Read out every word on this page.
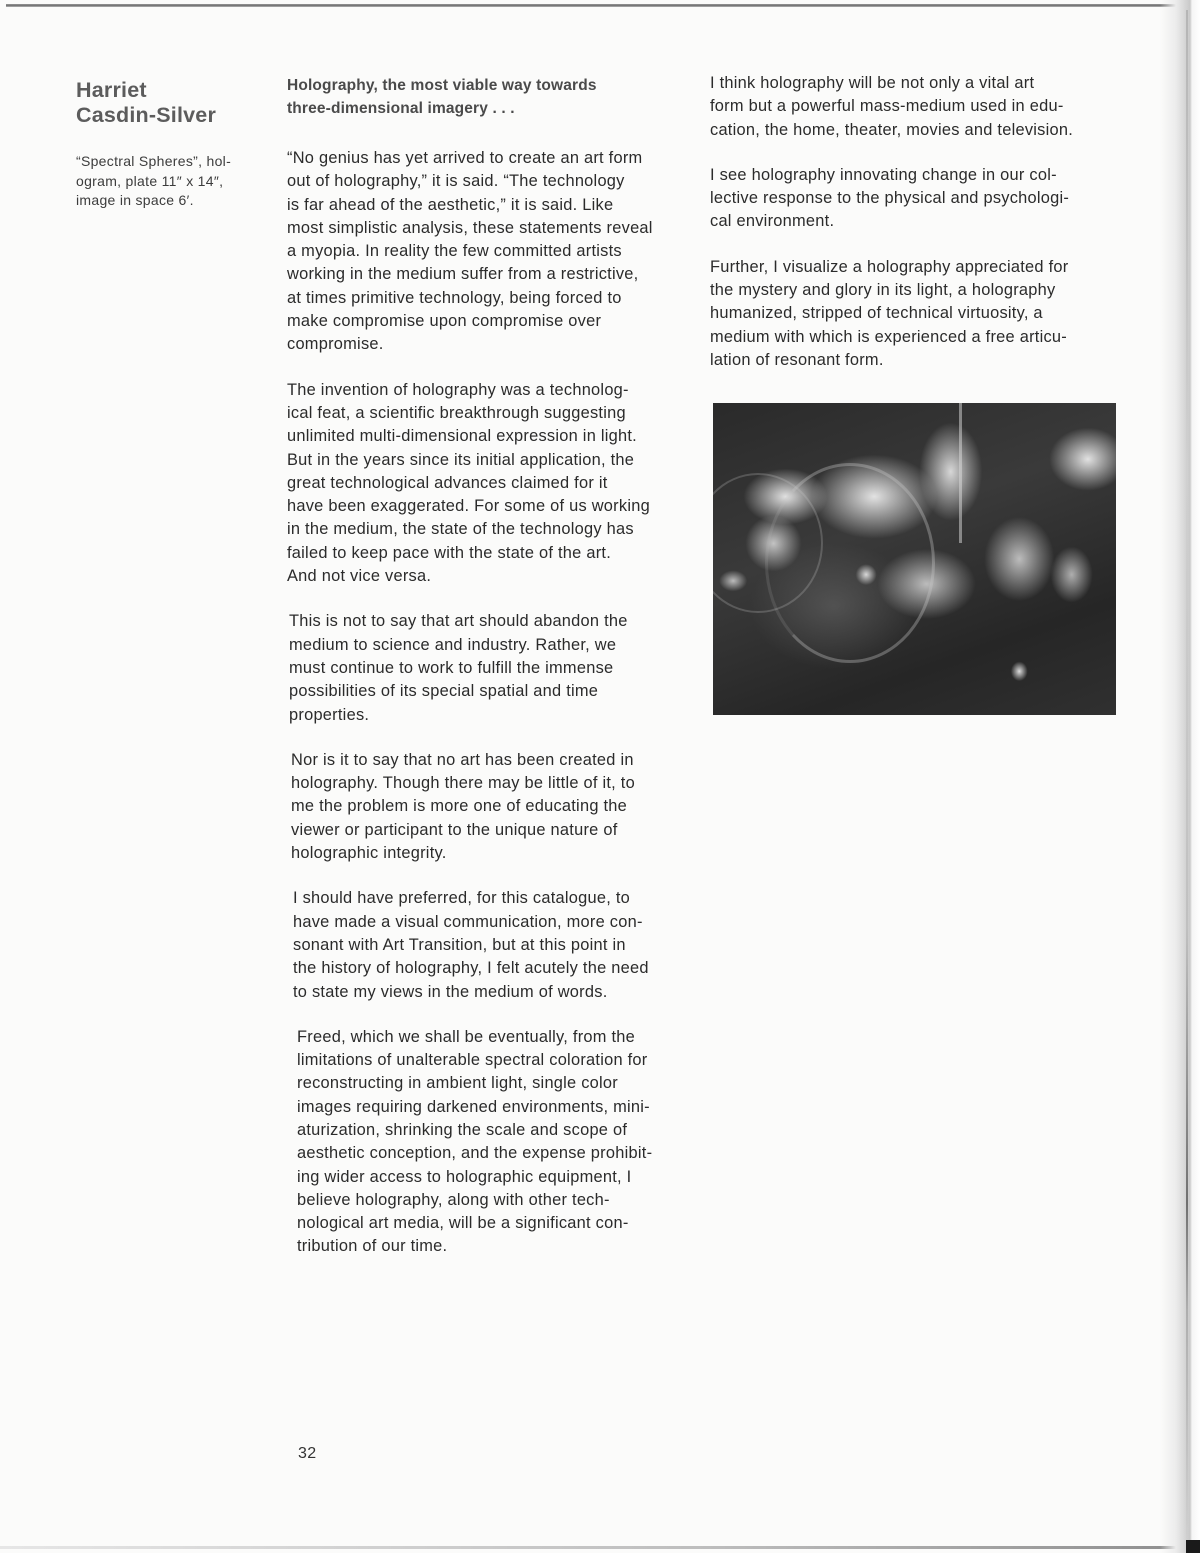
Harriet
Casdin-Silver
“Spectral Spheres”, hol-
ogram, plate 11″ x 14″,
image in space 6′.
Holography, the most viable way towards
three-dimensional imagery . . .
“No genius has yet arrived to create an art form
out of holography,” it is said. “The technology
is far ahead of the aesthetic,” it is said. Like
most simplistic analysis, these statements reveal
a myopia. In reality the few committed artists
working in the medium suffer from a restrictive,
at times primitive technology, being forced to
make compromise upon compromise over
compromise.
The invention of holography was a technolog-
ical feat, a scientific breakthrough suggesting
unlimited multi-dimensional expression in light.
But in the years since its initial application, the
great technological advances claimed for it
have been exaggerated. For some of us working
in the medium, the state of the technology has
failed to keep pace with the state of the art.
And not vice versa.
This is not to say that art should abandon the
medium to science and industry. Rather, we
must continue to work to fulfill the immense
possibilities of its special spatial and time
properties.
Nor is it to say that no art has been created in
holography. Though there may be little of it, to
me the problem is more one of educating the
viewer or participant to the unique nature of
holographic integrity.
I should have preferred, for this catalogue, to
have made a visual communication, more con-
sonant with Art Transition, but at this point in
the history of holography, I felt acutely the need
to state my views in the medium of words.
Freed, which we shall be eventually, from the
limitations of unalterable spectral coloration for
reconstructing in ambient light, single color
images requiring darkened environments, mini-
aturization, shrinking the scale and scope of
aesthetic conception, and the expense prohibit-
ing wider access to holographic equipment, I
believe holography, along with other tech-
nological art media, will be a significant con-
tribution of our time.
I think holography will be not only a vital art
form but a powerful mass-medium used in edu-
cation, the home, theater, movies and television.
I see holography innovating change in our col-
lective response to the physical and psychologi-
cal environment.
Further, I visualize a holography appreciated for
the mystery and glory in its light, a holography
humanized, stripped of technical virtuosity, a
medium with which is experienced a free articu-
lation of resonant form.
32
